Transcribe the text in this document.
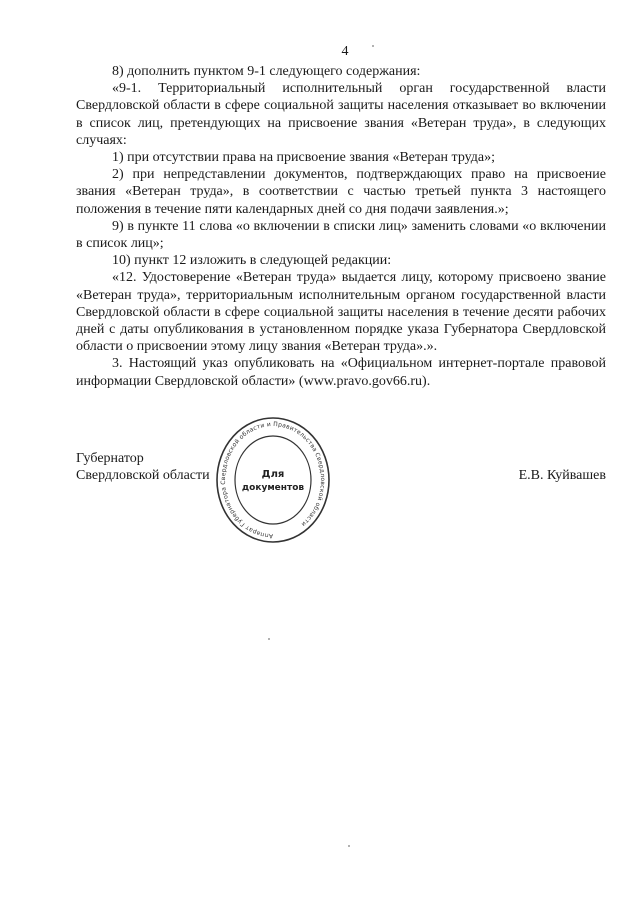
4

8) дополнить пунктом 9-1 следующего содержания:

«9-1. Территориальный исполнительный орган государственной власти Свердловской области в сфере социальной защиты населения отказывает во включении в список лиц, претендующих на присвоение звания «Ветеран труда», в следующих случаях:

1) при отсутствии права на присвоение звания «Ветеран труда»;

2) при непредставлении документов, подтверждающих право на присвоение звания «Ветеран труда», в соответствии с частью третьей пункта 3 настоящего положения в течение пяти календарных дней со дня подачи заявления.»;

9) в пункте 11 слова «о включении в списки лиц» заменить словами «о включении в список лиц»;

10) пункт 12 изложить в следующей редакции:

«12. Удостоверение «Ветеран труда» выдается лицу, которому присвоено звание «Ветеран труда», территориальным исполнительным органом государственной власти Свердловской области в сфере социальной защиты населения в течение десяти рабочих дней с даты опубликования в установленном порядке указа Губернатора Свердловской области о присвоении этому лицу звания «Ветеран труда».».

3. Настоящий указ опубликовать на «Официальном интернет-портале правовой информации Свердловской области» (www.pravo.gov66.ru).

Губернатор
Свердловской области	Е.В. Куйвашев
Аппарат Губернатора Свердловской области и Правительства Свердловской области
Для
документов
